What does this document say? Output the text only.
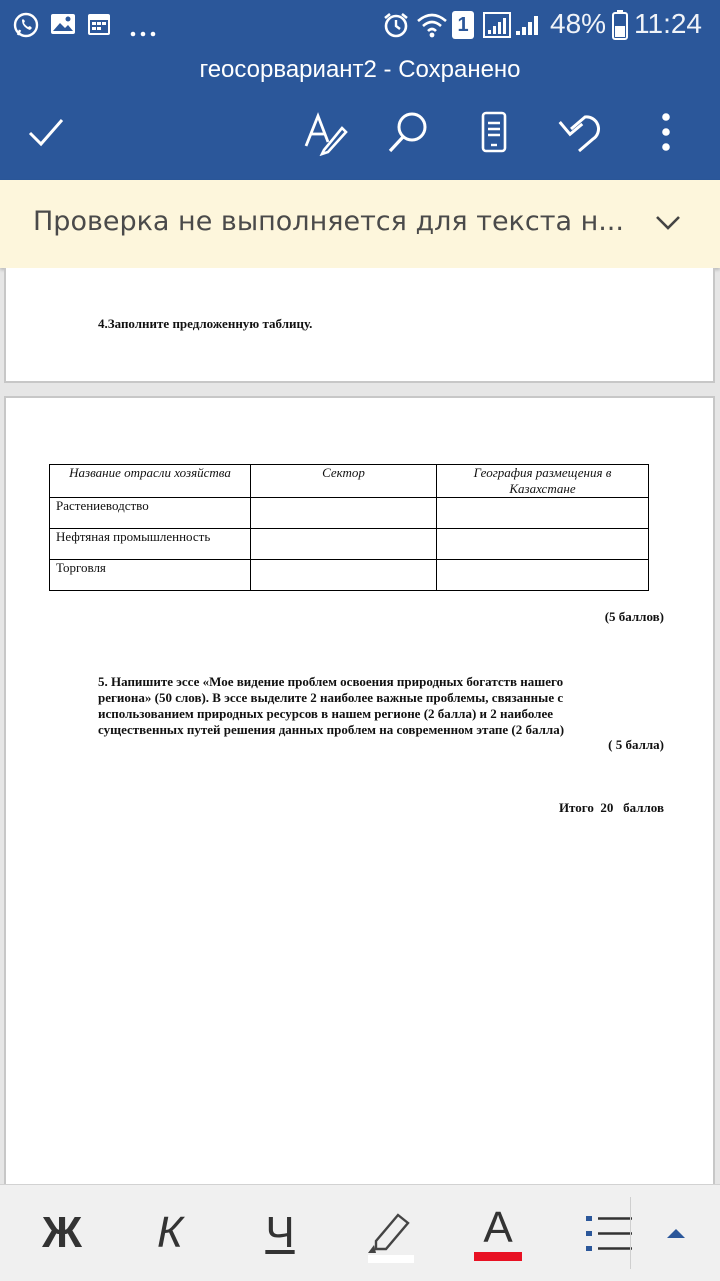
1	48% 11:24
геосорвариант2 - Сохранено
Проверка не выполняется для текста н...
4.Заполните предложенную таблицу.
Название отрасли хозяйства	Сектор	География размещения в Казахстане
Растениеводство		
Нефтяная промышленность		
Торговля		
(5 баллов)
5. Напишите эссе «Мое видение проблем освоения природных богатств нашего региона» (50 слов). В эссе выделите 2 наиболее важные проблемы, связанные с использованием природных ресурсов в нашем регионе (2 балла) и 2 наиболее существенных путей решения данных проблем на современном этапе (2 балла)
( 5 балла)
Итого  20   баллов
Ж К Ч	А
